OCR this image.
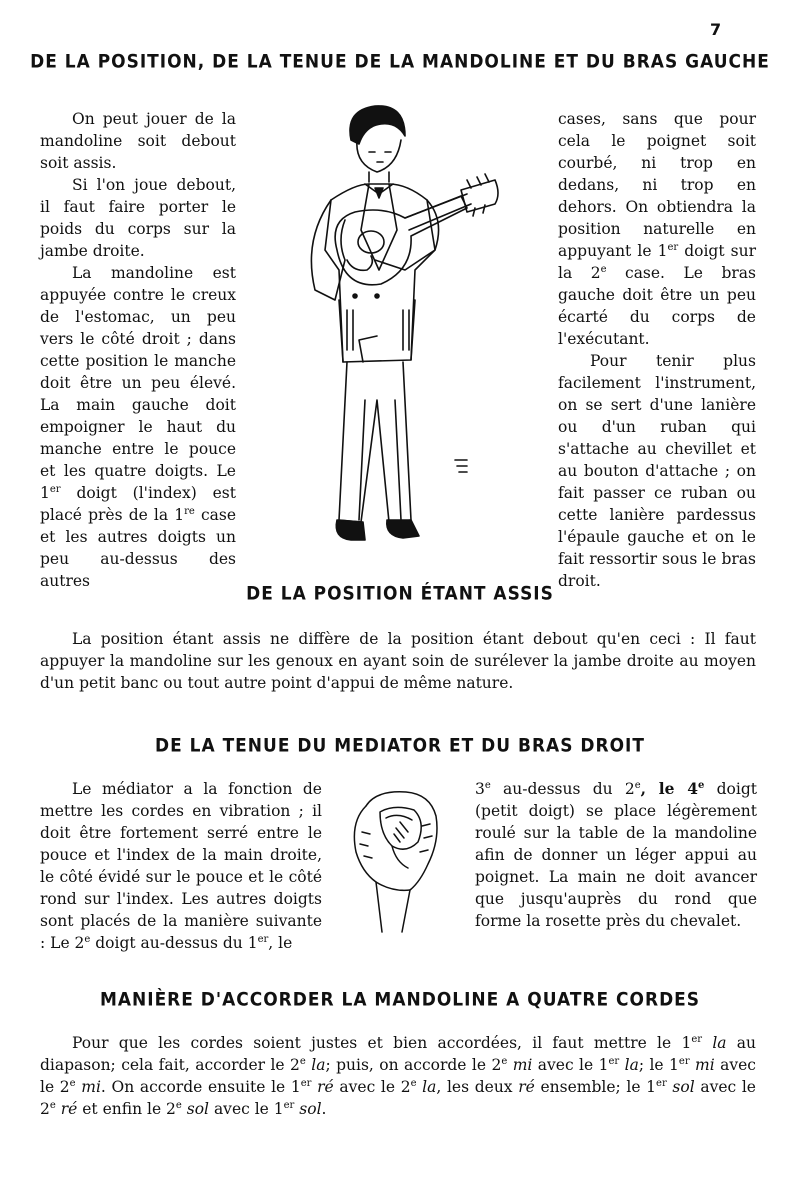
7
DE LA POSITION, DE LA TENUE DE LA MANDOLINE ET DU BRAS GAUCHE

On peut jouer de la mandoline soit debout soit assis.

Si l'on joue debout, il faut faire porter le poids du corps sur la jambe droite.

La mandoline est appuyée contre le creux de l'estomac, un peu vers le côté droit ; dans cette position le manche doit être un peu élevé. La main gauche doit empoigner le haut du manche entre le pouce et les quatre doigts. Le 1er doigt (l'index) est placé près de la 1re case et les autres doigts un peu au-dessus des autres

cases, sans que pour cela le poignet soit courbé, ni trop en dedans, ni trop en dehors. On obtiendra la position naturelle en appuyant le 1er doigt sur la 2e case. Le bras gauche doit être un peu écarté du corps de l'exécutant.

Pour tenir plus facilement l'instrument, on se sert d'une lanière ou d'un ruban qui s'attache au chevillet et au bouton d'attache ; on fait passer ce ruban ou cette lanière pardessus l'épaule gauche et on le fait ressortir sous le bras droit.

DE LA POSITION ÉTANT ASSIS

La position étant assis ne diffère de la position étant debout qu'en ceci : Il faut appuyer la mandoline sur les genoux en ayant soin de surélever la jambe droite au moyen d'un petit banc ou tout autre point d'appui de même nature.

DE LA TENUE DU MEDIATOR ET DU BRAS DROIT

Le médiator a la fonction de mettre les cordes en vibration ; il doit être fortement serré entre le pouce et l'index de la main droite, le côté évidé sur le pouce et le côté rond sur l'index. Les autres doigts sont placés de la manière suivante : Le 2e doigt au-dessus du 1er, le

3e au-dessus du 2e, le 4e doigt (petit doigt) se place légèrement roulé sur la table de la mandoline afin de donner un léger appui au poignet. La main ne doit avancer que jusqu'auprès du rond que forme la rosette près du chevalet.

MANIÈRE D'ACCORDER LA MANDOLINE A QUATRE CORDES

Pour que les cordes soient justes et bien accordées, il faut mettre le 1er la au diapason; cela fait, accorder le 2e la; puis, on accorde le 2e mi avec le 1er la; le 1er mi avec le 2e mi. On accorde ensuite le 1er ré avec le 2e la, les deux ré ensemble; le 1er sol avec le 2e ré et enfin le 2e sol avec le 1er sol.
